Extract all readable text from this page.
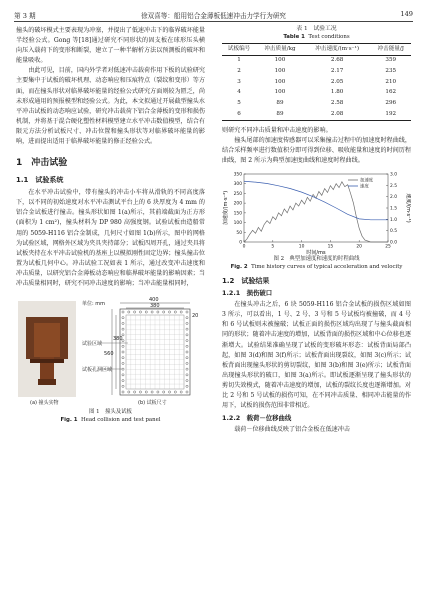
第 3 期	徐双喜等：船用铝合金薄板低速冲击力学行为研究	149

撞头的破坏模式主要表现为冲塞，并提出了低速冲击下的临界破坏能量半经验公式。Gong 等[18]通过研究不同形状的固支板在球形压头横向压入载荷下的变形和断裂，建立了一种半解析方法以预测板的破坏和能量吸收。

由此可见，目前，国内外学者对低速冲击载荷作用下板的试验研究主要集中于试板的破坏机理、动态响应和压痕特点（裂纹和变形）等方面，而在撞头形状对临界破坏能量的经验公式研究方面则较为匮乏，尚未形成通用的预报模型和经验公式。为此，本文拟通过开展截型撞头水平冲击试板的动态响应试验，研究冲击载荷下铝合金薄板的变形和损伤机制，并将基于混合硬化塑性材料模型建立水平冲击数值模型，结合有限元方法分析试板尺寸、冲击位置和撞头形状等对临界破坏能量的影响，进而提出适用于临界破坏能量的修正经验公式。

1　冲击试验
1.1　试验系统

在水平冲击试验中，带有撞头的冲击小车将从滑轨的不同高度落下，以不同的初始速度对水平冲击测试平台上的 6 块厚度为 4 mm 的铝合金试板进行撞击。撞头形状如图 1(a)所示，其前端截面为正方形(面积为 1 cm²)，撞头材料为 DP 980 高强度钢。试验试板由造船常用的 5059-H116 铝合金制成，几何尺寸如图 1(b)所示，图中的网格为试验区域，网格外区域为夹具夹持部分；试板四周开孔，通过夹具将试板夹持在水平冲击试验机的基座上以模拟刚性固定边界；撞头撞击位置为试板几何中心。冲击试验工况如表 1 所示，通过改变冲击速度和冲击质量，以研究铝合金薄板动态响应和临界破坏能量的影响因素；当冲击质量相同时，研究不同冲击速度的影响；当冲击能量相同时，

单位: mm
400
380
560
380
20
试验区域
试板孔洞区域
(a) 撞头实物	(b) 试板尺寸
图 1　撞头及试板
Fig. 1 Head collision and test panel
表 1　试验工况
Table 1 Test conditions
试板编号	冲击质量/kg	冲击速度/(m·s⁻¹)	冲击能量/J
1	100	2.68	359
2	100	2.17	235
3	100	2.05	210
4	100	1.80	162
5	89	2.58	296
6	89	2.08	192

则研究不同冲击质量和冲击速度的影响。

撞头尾部的加速度传感器可以采集撞击过程中的加速度时程曲线，结合采样频率进行数值积分即可得到位移、吸收能量和速度的时间历程曲线，图 2 所示为典型加速度曲线和速度时程曲线。

0	5	10	15	20	25
0
50
100
150
200
250
300
350
0.0
0.5
1.0
1.5
2.0
2.5
3.0
加速度
速度
时间/ms
加速度/(m·s⁻²)	速度/(m·s⁻¹)
图 2　典型加速度和速度的时程曲线
Fig. 2 Time history curves of typical acceleration and velocity
1.2　试验结果
1.2.1　损伤破口

在撞头冲击之后，6 块 5059-H116 铝合金试板的损伤区域如图 3 所示，可以看出，1 号、2 号、3 号和 5 号试板均被撞破，而 4 号和 6 号试板则未被撞破；试板正面的损伤区域均出现了与撞头截面相同的形状；随着冲击速度的增加，试板背面的损伤区域和中心位移也逐渐增大。试验结果准确呈现了试板的变形破坏形态：试板背面局部凸起，如图 3(d)和图 3(f)所示；试板背面出现裂纹，如图 3(c)所示；试板背面出现撞头形状的剪切裂纹，如图 3(b)和图 3(e)所示；试板背面出现撞头形状的破口，如图 3(a)所示。即试板逐渐呈现了撞头形状的剪切失效模式，随着冲击速度的增加，试板的裂纹长度也逐渐增加。对比 2 号和 5 号试板的损伤可知，在不同冲击质量、相同冲击能量的作用下，试板的损伤范围非常相近。

1.2.2　载荷－位移曲线

载荷－位移曲线反映了铝合金板在低速冲击
